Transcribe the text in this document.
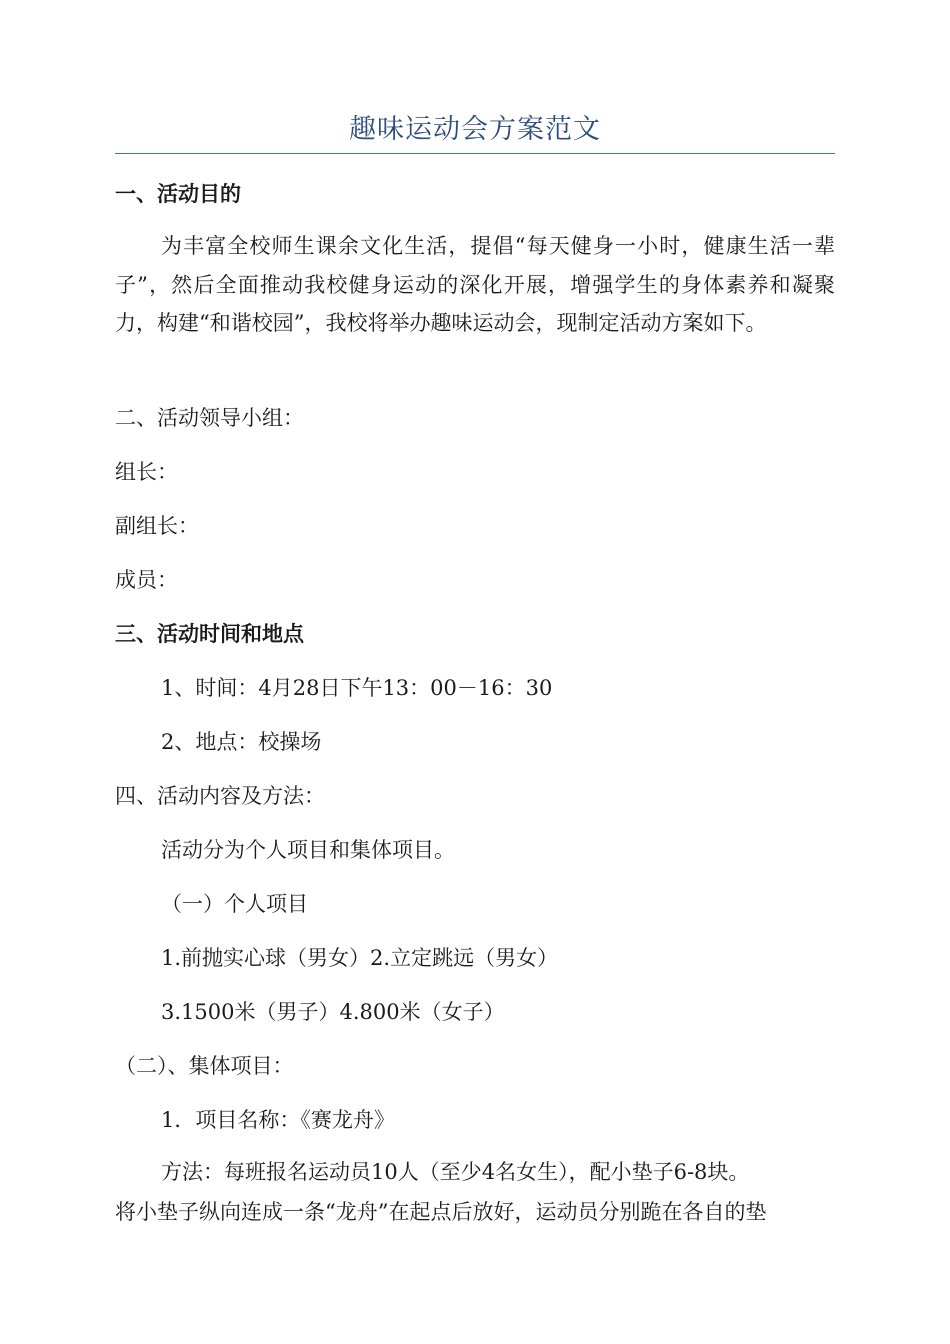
趣味运动会方案范文
一、活动目的
为丰富全校师生课余文化生活，提倡“每天健身一小时，健康生活一辈子”，然后全面推动我校健身运动的深化开展，增强学生的身体素养和凝聚力，构建“和谐校园”，我校将举办趣味运动会，现制定活动方案如下。
二、活动领导小组：
组长：
副组长：
成员：
三、活动时间和地点
1、时间：4月28日下午13：00－16：30
2、地点：校操场
四、活动内容及方法：
活动分为个人项目和集体项目。
（一）个人项目
1.前抛实心球（男女）2.立定跳远（男女）
3.1500米（男子）4.800米（女子）
（二）、集体项目：
1．项目名称：《赛龙舟》
方法：每班报名运动员10人（至少4名女生），配小垫子6-8块。
将小垫子纵向连成一条“龙舟”在起点后放好，运动员分别跪在各自的垫
